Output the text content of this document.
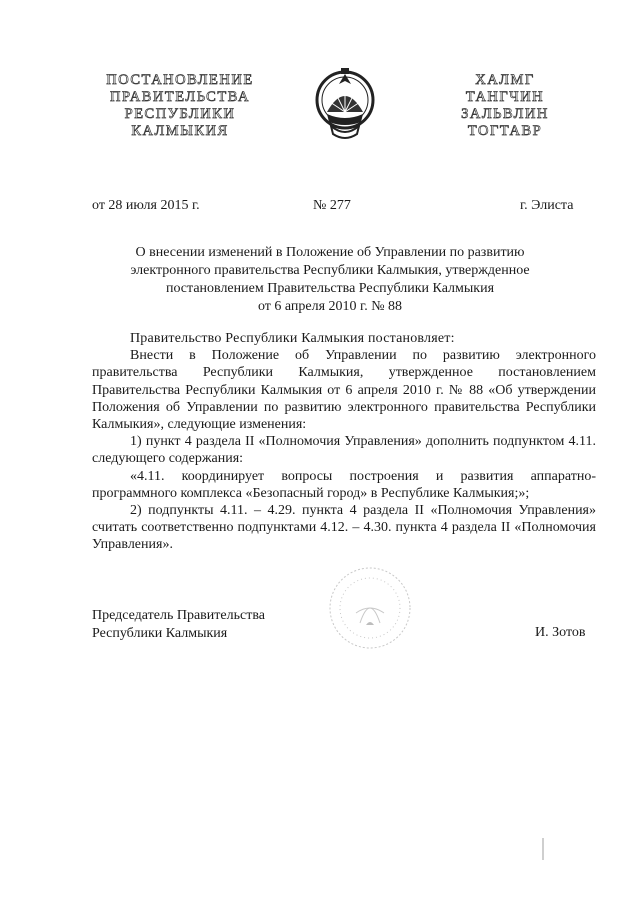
ПОСТАНОВЛЕНИЕ
ПРАВИТЕЛЬСТВА
РЕСПУБЛИКИ
КАЛМЫКИЯ
ХАЛМГ
ТАНГЧИН
ЗАЛЬВЛИН
ТОГТАВР
от 28 июля 2015 г.	№ 277	г. Элиста
О внесении изменений в Положение об Управлении по развитию
электронного правительства Республики Калмыкия, утвержденное
постановлением Правительства Республики Калмыкия
от 6 апреля 2010 г. № 88

Правительство Республики Калмыкия постановляет:

Внести в Положение об Управлении по развитию электронного правительства Республики Калмыкия, утвержденное постановлением Правительства Республики Калмыкия от 6 апреля 2010 г. № 88 «Об утверждении Положения об Управлении по развитию электронного правительства Республики Калмыкия», следующие изменения:

1) пункт 4 раздела II «Полномочия Управления» дополнить подпунктом 4.11. следующего содержания:

«4.11. координирует вопросы построения и развития аппаратно-программного комплекса «Безопасный город» в Республике Калмыкия;»;

2) подпункты 4.11. – 4.29. пункта 4 раздела II «Полномочия Управления» считать соответственно подпунктами 4.12. – 4.30. пункта 4 раздела II «Полномочия Управления».

Председатель Правительства
Республики Калмыкия	И. Зотов
